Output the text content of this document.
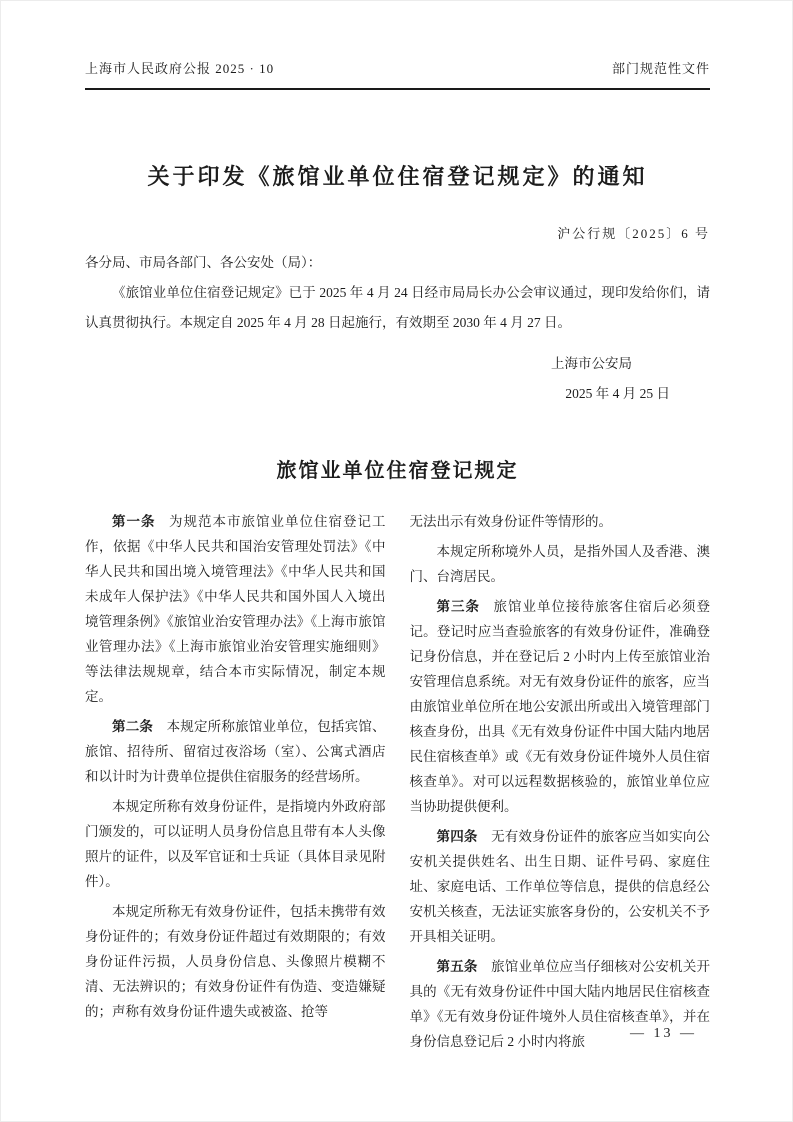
上海市人民政府公报 2025 · 10	部门规范性文件
关于印发《旅馆业单位住宿登记规定》的通知
沪公行规〔2025〕6 号
各分局、市局各部门、各公安处（局）：

《旅馆业单位住宿登记规定》已于 2025 年 4 月 24 日经市局局长办公会审议通过，现印发给你们，请认真贯彻执行。本规定自 2025 年 4 月 28 日起施行，有效期至 2030 年 4 月 27 日。

上海市公安局
2025 年 4 月 25 日
旅馆业单位住宿登记规定

第一条 为规范本市旅馆业单位住宿登记工作，依据《中华人民共和国治安管理处罚法》《中华人民共和国出境入境管理法》《中华人民共和国未成年人保护法》《中华人民共和国外国人入境出境管理条例》《旅馆业治安管理办法》《上海市旅馆业管理办法》《上海市旅馆业治安管理实施细则》等法律法规规章，结合本市实际情况，制定本规定。

第二条 本规定所称旅馆业单位，包括宾馆、旅馆、招待所、留宿过夜浴场（室）、公寓式酒店和以计时为计费单位提供住宿服务的经营场所。

本规定所称有效身份证件，是指境内外政府部门颁发的，可以证明人员身份信息且带有本人头像照片的证件，以及军官证和士兵证（具体目录见附件）。

本规定所称无有效身份证件，包括未携带有效身份证件的；有效身份证件超过有效期限的；有效身份证件污损，人员身份信息、头像照片模糊不清、无法辨识的；有效身份证件有伪造、变造嫌疑的；声称有效身份证件遗失或被盗、抢等

无法出示有效身份证件等情形的。

本规定所称境外人员，是指外国人及香港、澳门、台湾居民。

第三条 旅馆业单位接待旅客住宿后必须登记。登记时应当查验旅客的有效身份证件，准确登记身份信息，并在登记后 2 小时内上传至旅馆业治安管理信息系统。对无有效身份证件的旅客，应当由旅馆业单位所在地公安派出所或出入境管理部门核查身份，出具《无有效身份证件中国大陆内地居民住宿核查单》或《无有效身份证件境外人员住宿核查单》。对可以远程数据核验的，旅馆业单位应当协助提供便利。

第四条 无有效身份证件的旅客应当如实向公安机关提供姓名、出生日期、证件号码、家庭住址、家庭电话、工作单位等信息，提供的信息经公安机关核查，无法证实旅客身份的，公安机关不予开具相关证明。

第五条 旅馆业单位应当仔细核对公安机关开具的《无有效身份证件中国大陆内地居民住宿核查单》《无有效身份证件境外人员住宿核查单》，并在身份信息登记后 2 小时内将旅	— 13 —
